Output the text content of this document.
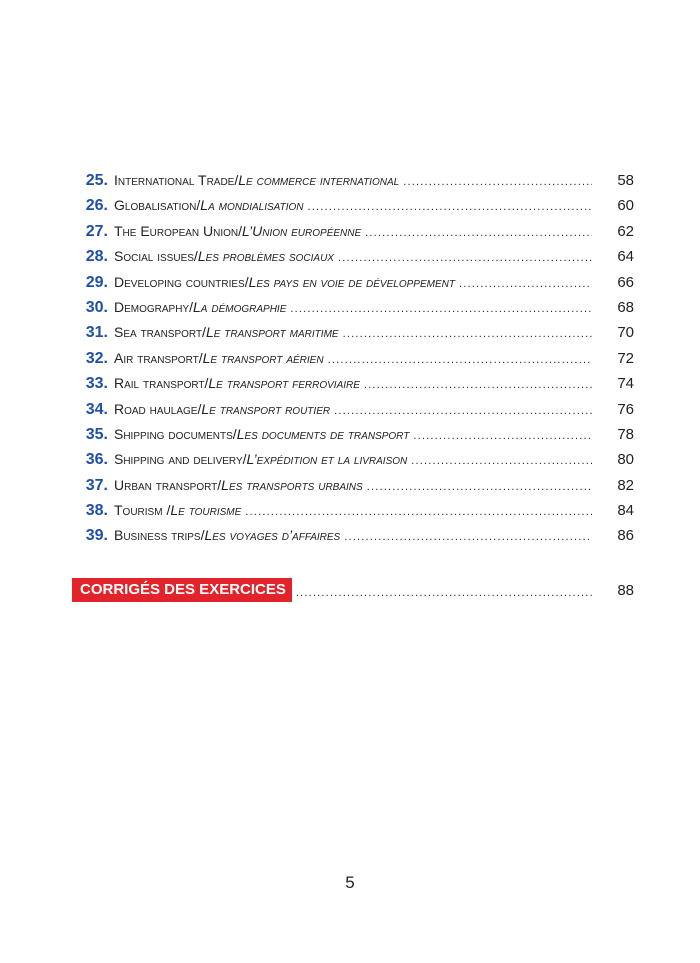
25. International Trade/Le commerce international .....	58
26. Globalisation/La mondialisation .....	60
27. The European Union/L’Union européenne .....	62
28. Social issues/Les problèmes sociaux .....	64
29. Developing countries/Les pays en voie de développement .....	66
30. Demography/La démographie .....	68
31. Sea transport/Le transport maritime .....	70
32. Air transport/Le transport aérien .....	72
33. Rail transport/Le transport ferroviaire .....	74
34. Road haulage/Le transport routier .....	76
35. Shipping documents/Les documents de transport .....	78
36. Shipping and delivery/L’expédition et la livraison .....	80
37. Urban transport/Les transports urbains .....	82
38. Tourism /Le tourisme .....	84
39. Business trips/Les voyages d’affaires .....	86
CORRIGÉS DES EXERCICES .....	88
5
